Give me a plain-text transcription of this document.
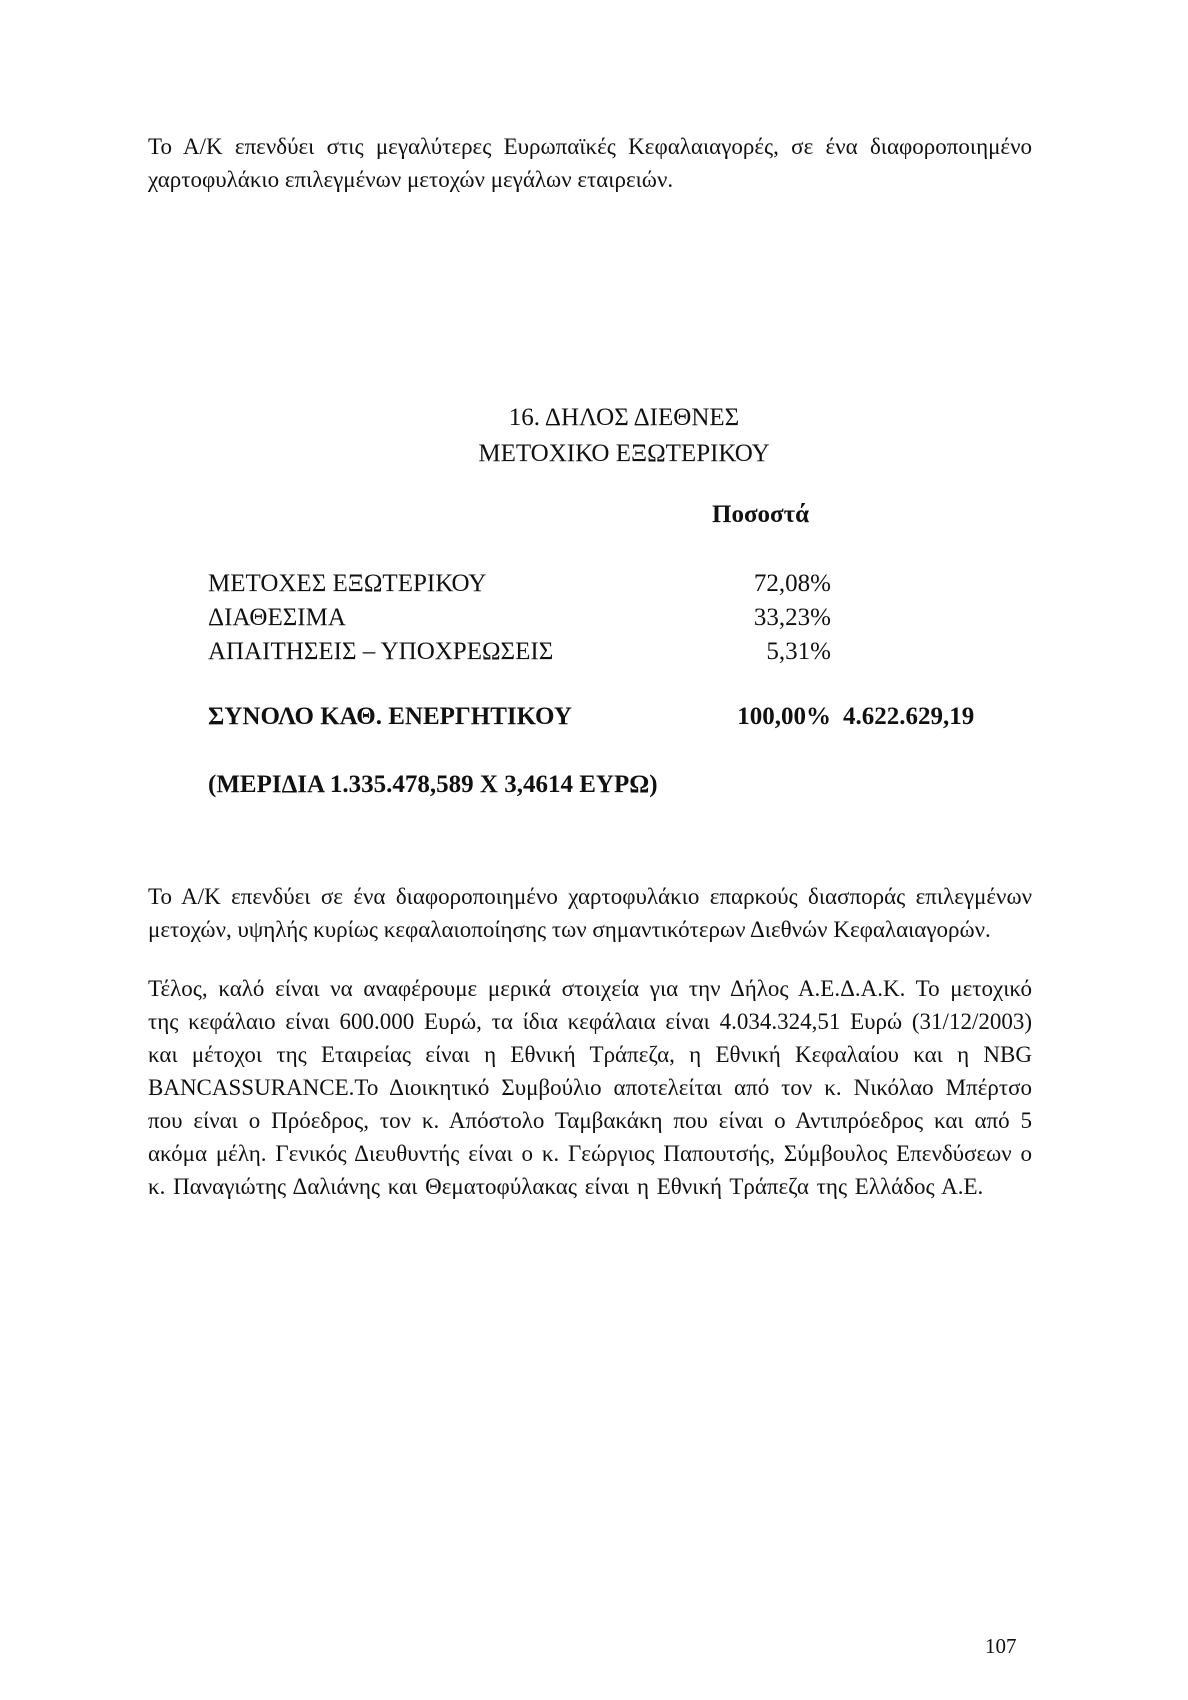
Το Α/Κ επενδύει στις μεγαλύτερες Ευρωπαϊκές Κεφαλαιαγορές, σε ένα διαφοροποιημένο χαρτοφυλάκιο επιλεγμένων μετοχών μεγάλων εταιρειών.

16. ΔΗΛΟΣ ΔΙΕΘΝΕΣ
ΜΕΤΟΧΙΚΟ ΕΞΩΤΕΡΙΚΟΥ
Ποσοστά
ΜΕΤΟΧΕΣ ΕΞΩΤΕΡΙΚΟΥ	72,08%
ΔΙΑΘΕΣΙΜΑ	33,23%
ΑΠΑΙΤΗΣΕΙΣ – ΥΠΟΧΡΕΩΣΕΙΣ	5,31%
ΣΥΝΟΛΟ ΚΑΘ. ΕΝΕΡΓΗΤΙΚΟΥ	100,00% 4.622.629,19
(ΜΕΡΙΔΙΑ 1.335.478,589 Χ 3,4614 ΕΥΡΩ)

Το Α/Κ επενδύει σε ένα διαφοροποιημένο χαρτοφυλάκιο επαρκούς διασποράς επιλεγμένων μετοχών, υψηλής κυρίως κεφαλαιοποίησης των σημαντικότερων Διεθνών Κεφαλαιαγορών.

Τέλος, καλό είναι να αναφέρουμε μερικά στοιχεία για την Δήλος Α.Ε.Δ.Α.Κ. Το μετοχικό της κεφάλαιο είναι 600.000 Ευρώ, τα ίδια κεφάλαια είναι 4.034.324,51 Ευρώ (31/12/2003) και μέτοχοι της Εταιρείας είναι η Εθνική Τράπεζα, η Εθνική Κεφαλαίου και η NBG BANCASSURANCE.Το Διοικητικό Συμβούλιο αποτελείται από τον κ. Νικόλαο Μπέρτσο που είναι ο Πρόεδρος, τον κ. Απόστολο Ταμβακάκη που είναι ο Αντιπρόεδρος και από 5 ακόμα μέλη. Γενικός Διευθυντής είναι ο κ. Γεώργιος Παπουτσής, Σύμβουλος Επενδύσεων ο κ. Παναγιώτης Δαλιάνης και Θεματοφύλακας είναι η Εθνική Τράπεζα της Ελλάδος Α.Ε.

107
